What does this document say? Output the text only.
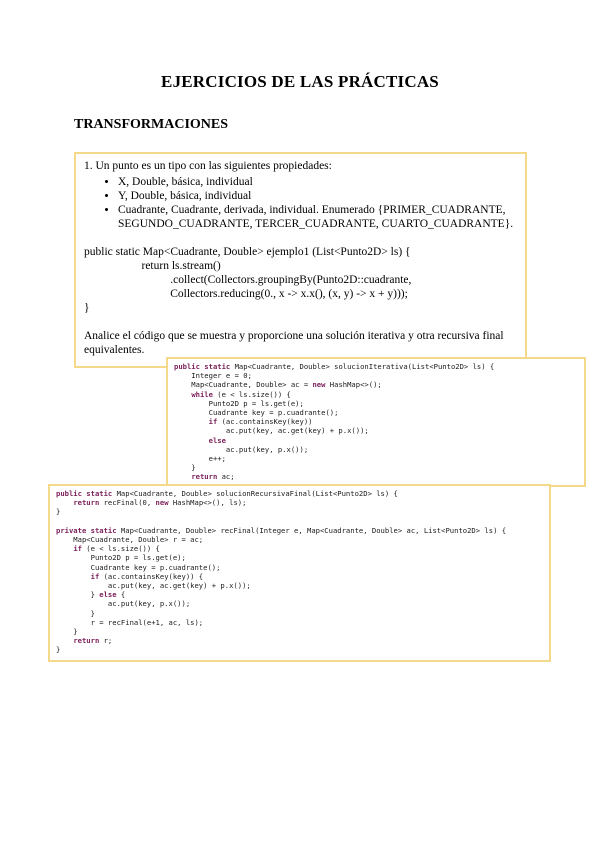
EJERCICIOS DE LAS PRÁCTICAS
TRANSFORMACIONES

1. Un punto es un tipo con las siguientes propiedades:

• X, Double, básica, individual
• Y, Double, básica, individual
• Cuadrante, Cuadrante, derivada, individual. Enumerado {PRIMER_CUADRANTE, SEGUNDO_CUADRANTE, TERCER_CUADRANTE, CUARTO_CUADRANTE}.
public static Map<Cuadrante, Double> ejemplo1 (List<Punto2D> ls) {
return ls.stream()
.collect(Collectors.groupingBy(Punto2D::cuadrante,
Collectors.reducing(0., x -> x.x(), (x, y) -> x + y)));
}

Analice el código que se muestra y proporcione una solución iterativa y otra recursiva final equivalentes.

public static Map<Cuadrante, Double> solucionIterativa(List<Punto2D> ls) {
Integer e = 0;
Map<Cuadrante, Double> ac = new HashMap<>();
while (e < ls.size()) {
Punto2D p = ls.get(e);
Cuadrante key = p.cuadrante();
if (ac.containsKey(key))
ac.put(key, ac.get(key) + p.x());
else
ac.put(key, p.x());
e++;
}
return ac;
public static Map<Cuadrante, Double> solucionRecursivaFinal(List<Punto2D> ls) {
return recFinal(0, new HashMap<>(), ls);
}

private static Map<Cuadrante, Double> recFinal(Integer e, Map<Cuadrante, Double> ac, List<Punto2D> ls) {
Map<Cuadrante, Double> r = ac;
if (e < ls.size()) {
Punto2D p = ls.get(e);
Cuadrante key = p.cuadrante();
if (ac.containsKey(key)) {
ac.put(key, ac.get(key) + p.x());
} else {
ac.put(key, p.x());
}
r = recFinal(e+1, ac, ls);
}
return r;
}
